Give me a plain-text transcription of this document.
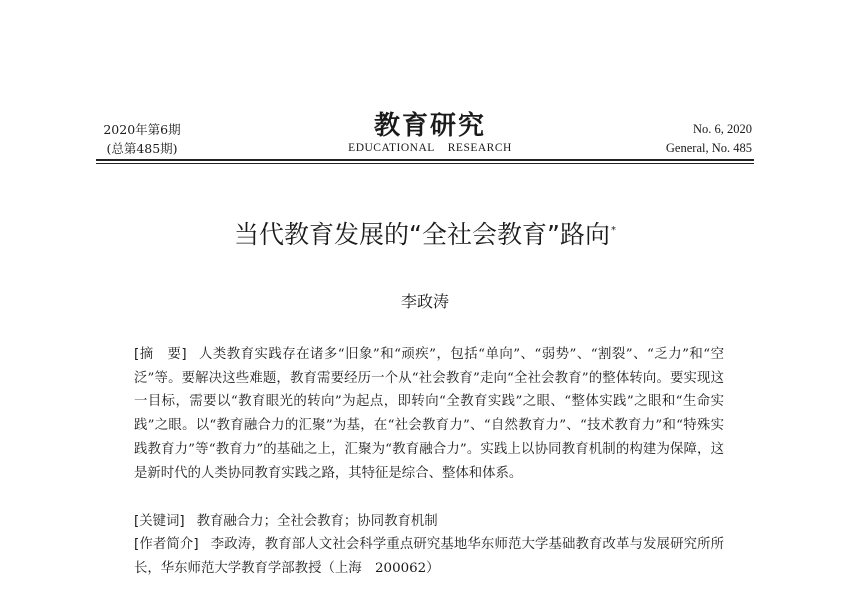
2020年第6期
(总第485期)
教育研究
EDUCATIONAL RESEARCH
No. 6, 2020
General, No. 485
当代教育发展的“全社会教育”路向*
李政涛
[摘　要] 人类教育实践存在诸多“旧象”和“顽疾”，包括“单向”、“弱势”、“割裂”、“乏力”和“空泛”等。要解决这些难题，教育需要经历一个从“社会教育”走向“全社会教育”的整体转向。要实现这一目标，需要以“教育眼光的转向”为起点，即转向“全教育实践”之眼、“整体实践”之眼和“生命实践”之眼。以“教育融合力的汇聚”为基，在“社会教育力”、“自然教育力”、“技术教育力”和“特殊实践教育力”等“教育力”的基础之上，汇聚为“教育融合力”。实践上以协同教育机制的构建为保障，这是新时代的人类协同教育实践之路，其特征是综合、整体和体系。
[关键词] 教育融合力；全社会教育；协同教育机制
[作者简介] 李政涛，教育部人文社会科学重点研究基地华东师范大学基础教育改革与发展研究所所长，华东师范大学教育学部教授（上海　200062）
